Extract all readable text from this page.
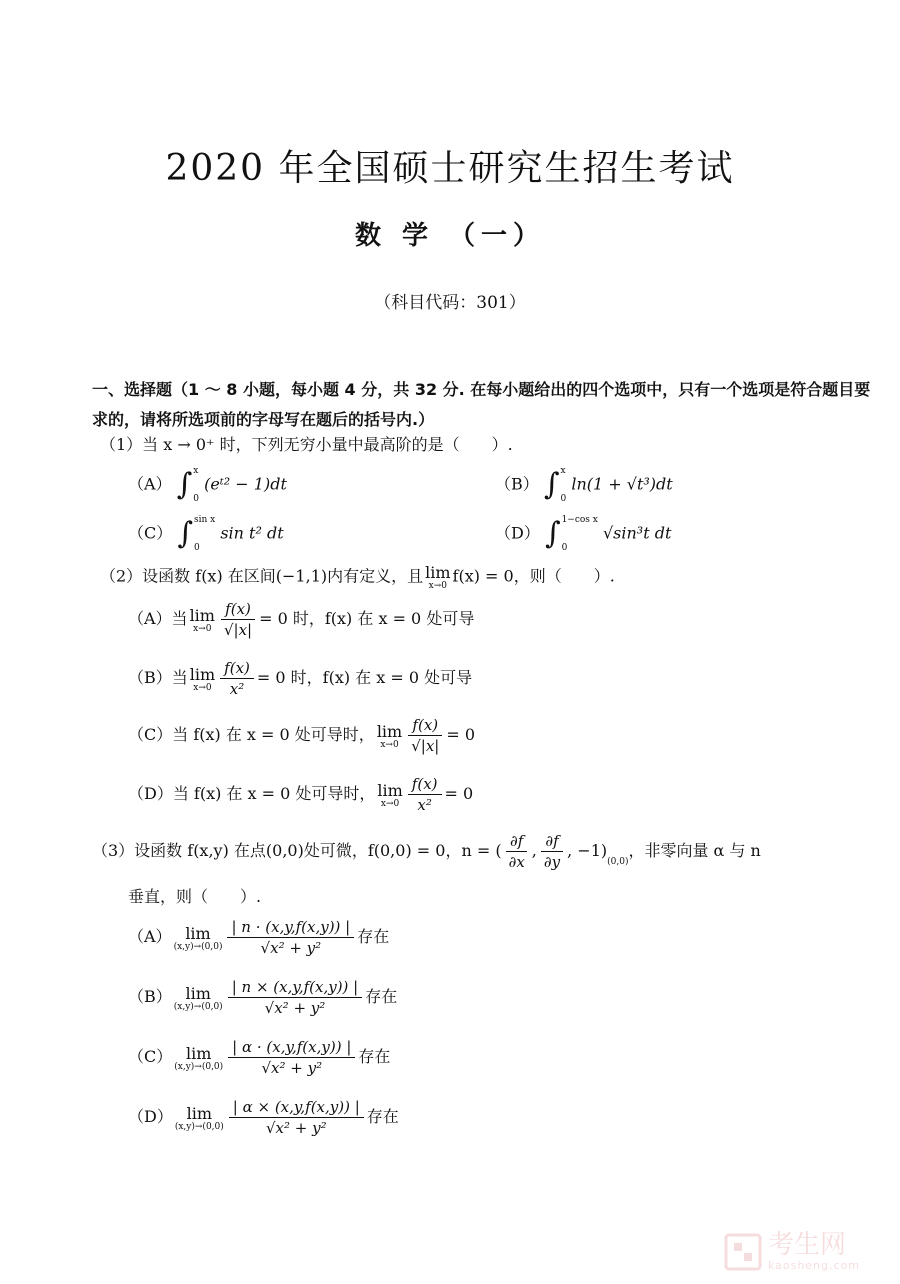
2020 年全国硕士研究生招生考试
数 学 （一）
（科目代码：301）
一、选择题（1 ～ 8 小题，每小题 4 分，共 32 分. 在每小题给出的四个选项中，只有一个选项是符合题目要求的，请将所选项前的字母写在题后的括号内.）
（1）当 x → 0⁺ 时，下列无穷小量中最高阶的是（　　）.
（A） ∫ x
0
(eᵗ² − 1)dt	（B） ∫ x
0
ln(1 + √t³)dt
（C） ∫ sin x
0
sin t² dt	（D） ∫ 1−cos x
0
√sin³t dt
（2）设函数 f(x) 在区间(−1,1)内有定义，且 lim
x→0
f(x) = 0，则（　　）.
（A）当 lim
$x\to 0 \frac{f(x)}{√|x|} = 0$ 时，f(x) 在 x = 0 处可导
（B）当 lim
$x\to 0 \frac{f(x)}{\text{x²}} = 0$ 时，f(x) 在 x = 0 处可导
（C）当 f(x) 在 x = 0 处可导时， lim
$x\to 0 \frac{f(x)}{√|x|} = 0$
（D）当 f(x) 在 x = 0 处可导时， lim
$x\to 0 \frac{f(x)}{\text{x²}} = 0$
（3）设函数 f(x,y) 在点(0,0)处可微，f(0,0) = 0，n = ( $\frac{\partial f}{\partial x}$ , $\frac{\partial f}{\partial y}$ , $-1)_{(0,0)}$，非零向量 α 与 n
垂直，则（　　）.
（A） lim
$(x,y)\to(0,0) \frac{| n \cdot (x,y,f(x,y)) |}{\text{√x² + y²}}$ 存在
（B） lim
$(x,y)\to(0,0) \frac{| n \times (x,y,f(x,y)) |}{\text{√x² + y²}}$ 存在
（C） lim
$(x,y)\to(0,0) \frac{| \alpha \cdot (x,y,f(x,y)) |}{\text{√x² + y²}}$ 存在
（D） lim
$(x,y)\to(0,0) \frac{| \alpha \times (x,y,f(x,y)) |}{\text{√x² + y²}}$ 存在
考生网
kaosheng.com
